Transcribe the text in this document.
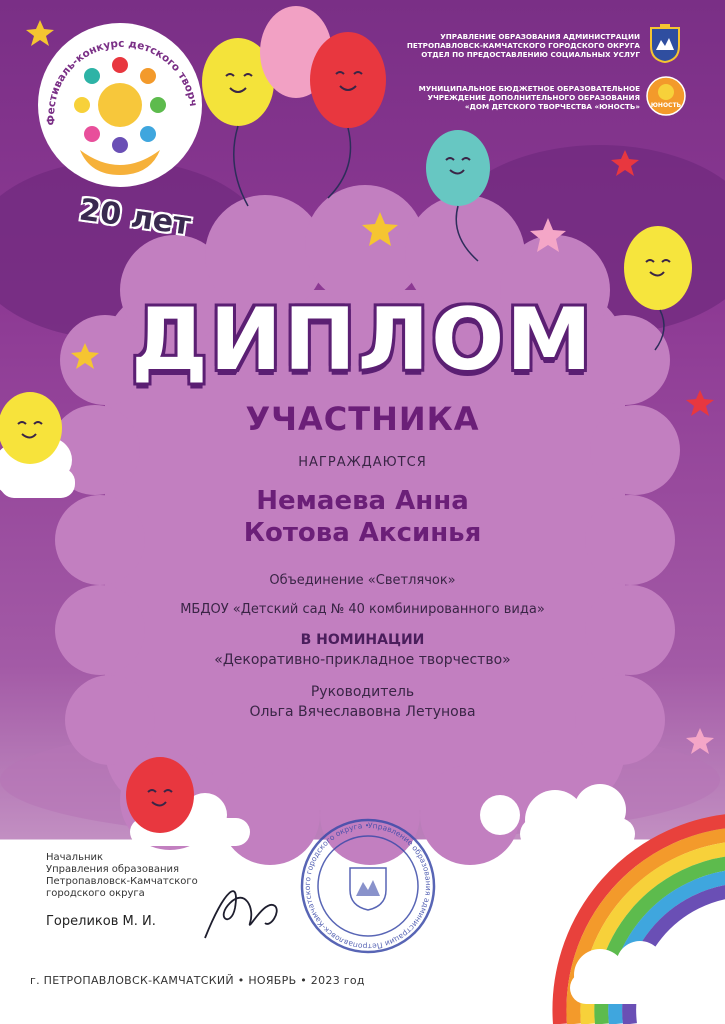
Фестиваль-конкурс детского творч
20 лет
УПРАВЛЕНИЕ ОБРАЗОВАНИЯ АДМИНИСТРАЦИИ
ПЕТРОПАВЛОВСК-КАМЧАТСКОГО ГОРОДСКОГО ОКРУГА
ОТДЕЛ ПО ПРЕДОСТАВЛЕНИЮ СОЦИАЛЬНЫХ УСЛУГ
МУНИЦИПАЛЬНОЕ БЮДЖЕТНОЕ ОБРАЗОВАТЕЛЬНОЕ
УЧРЕЖДЕНИЕ ДОПОЛНИТЕЛЬНОГО ОБРАЗОВАНИЯ
«ДОМ ДЕТСКОГО ТВОРЧЕСТВА «ЮНОСТЬ»	ЮНОСТЬ
ДИПЛОМ
УЧАСТНИКА
НАГРАЖДАЮТСЯ
Немаева Анна
Котова Аксинья
Объединение «Светлячок»
МБДОУ «Детский сад № 40 комбинированного вида»
В НОМИНАЦИИ
«Декоративно-прикладное творчество»
Руководитель
Ольга Вячеславовна Летунова
Начальник
Управления образования
Петропавловск-Камчатского
городского округа
Гореликов М. И.
Управление образования администрации Петропавловск-Камчатского городского округа •
г. ПЕТРОПАВЛОВСК-КАМЧАТСКИЙ • НОЯБРЬ • 2023 год
